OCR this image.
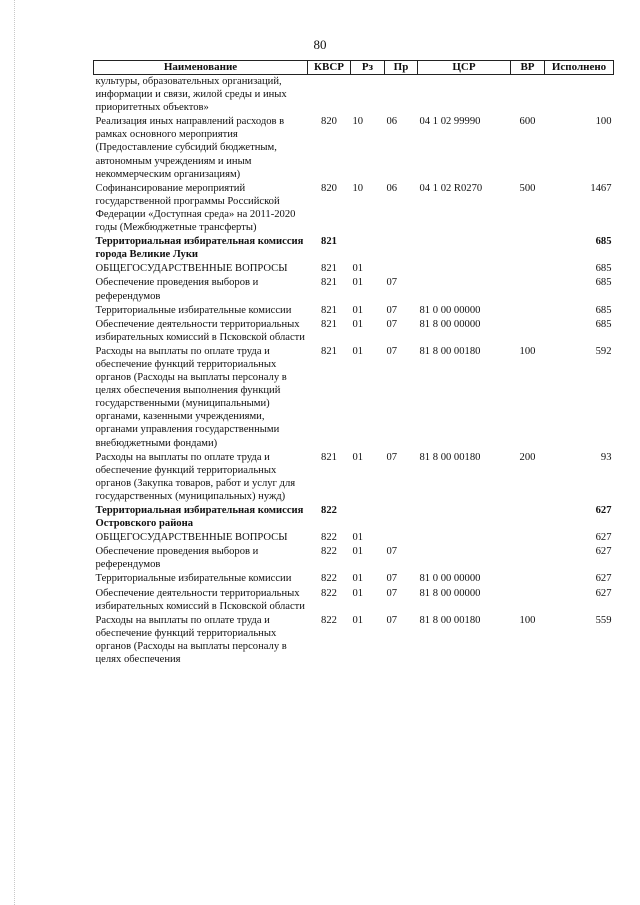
80
Наименование	КВСР	Рз	Пр	ЦСР	ВР	Исполнено
культуры, образовательных организаций, информации и связи, жилой среды и иных приоритетных объектов»						
Реализация иных направлений расходов в рамках основного мероприятия (Предоставление субсидий бюджетным, автономным учреждениям и иным некоммерческим организациям)	820	10	06	04 1 02 99990	600	100
Софинансирование мероприятий государственной программы Российской Федерации «Доступная среда» на 2011-2020 годы (Межбюджетные трансферты)	820	10	06	04 1 02 R0270	500	1467
Территориальная избирательная комиссия города Великие Луки	821					685
ОБЩЕГОСУДАРСТВЕННЫЕ ВОПРОСЫ	821	01				685
Обеспечение проведения выборов и референдумов	821	01	07			685
Территориальные избирательные комиссии	821	01	07	81 0 00 00000		685
Обеспечение деятельности территориальных избирательных комиссий в Псковской области	821	01	07	81 8 00 00000		685
Расходы на выплаты по оплате труда и обеспечение функций территориальных органов (Расходы на выплаты персоналу в целях обеспечения выполнения функций государственными (муниципальными) органами, казенными учреждениями, органами управления государственными внебюджетными фондами)	821	01	07	81 8 00 00180	100	592
Расходы на выплаты по оплате труда и обеспечение функций территориальных органов (Закупка товаров, работ и услуг для государственных (муниципальных) нужд)	821	01	07	81 8 00 00180	200	93
Территориальная избирательная комиссия Островского района	822					627
ОБЩЕГОСУДАРСТВЕННЫЕ ВОПРОСЫ	822	01				627
Обеспечение проведения выборов и референдумов	822	01	07			627
Территориальные избирательные комиссии	822	01	07	81 0 00 00000		627
Обеспечение деятельности территориальных избирательных комиссий в Псковской области	822	01	07	81 8 00 00000		627
Расходы на выплаты по оплате труда и обеспечение функций территориальных органов (Расходы на выплаты персоналу в целях обеспечения	822	01	07	81 8 00 00180	100	559
